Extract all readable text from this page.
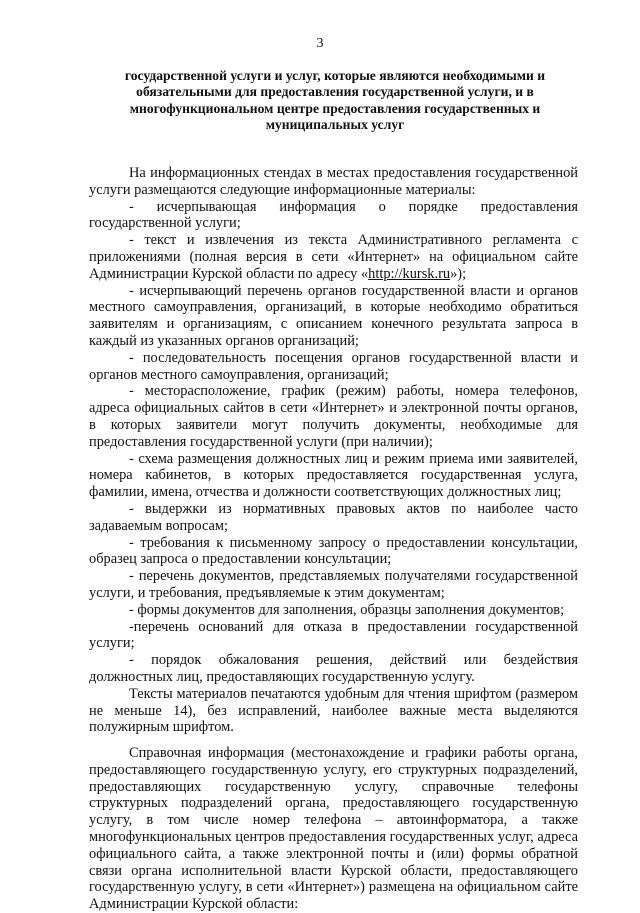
3
государственной услуги и услуг, которые являются необходимыми и обязательными для предоставления государственной услуги, и в многофункциональном центре предоставления государственных и муниципальных услуг

На информационных стендах в местах предоставления государственной услуги размещаются следующие информационные материалы:

- исчерпывающая информация о порядке предоставления государственной услуги;

- текст и извлечения из текста Административного регламента с приложениями (полная версия в сети «Интернет» на официальном сайте Администрации Курской области по адресу «http://kursk.ru»);

- исчерпывающий перечень органов государственной власти и органов местного самоуправления, организаций, в которые необходимо обратиться заявителям и организациям, с описанием конечного результата запроса в каждый из указанных органов организаций;

- последовательность посещения органов государственной власти и органов местного самоуправления, организаций;

- месторасположение, график (режим) работы, номера телефонов, адреса официальных сайтов в сети «Интернет» и электронной почты органов, в которых заявители могут получить документы, необходимые для предоставления государственной услуги (при наличии);

- схема размещения должностных лиц и режим приема ими заявителей, номера кабинетов, в которых предоставляется государственная услуга, фамилии, имена, отчества и должности соответствующих должностных лиц;

- выдержки из нормативных правовых актов по наиболее часто задаваемым вопросам;

- требования к письменному запросу о предоставлении консультации, образец запроса о предоставлении консультации;

- перечень документов, представляемых получателями государственной услуги, и требования, предъявляемые к этим документам;

- формы документов для заполнения, образцы заполнения документов;

-перечень оснований для отказа в предоставлении государственной услуги;

- порядок обжалования решения, действий или бездействия должностных лиц, предоставляющих государственную услугу.

Тексты материалов печатаются удобным для чтения шрифтом (размером не меньше 14), без исправлений, наиболее важные места выделяются полужирным шрифтом.

Справочная информация (местонахождение и графики работы органа, предоставляющего государственную услугу, его структурных подразделений, предоставляющих государственную услугу, справочные телефоны структурных подразделений органа, предоставляющего государственную услугу, в том числе номер телефона – автоинформатора, а также многофункциональных центров предоставления государственных услуг, адреса официального сайта, а также электронной почты и (или) формы обратной связи органа исполнительной власти Курской области, предоставляющего государственную услугу, в сети «Интернет») размещена на официальном сайте Администрации Курской области:
